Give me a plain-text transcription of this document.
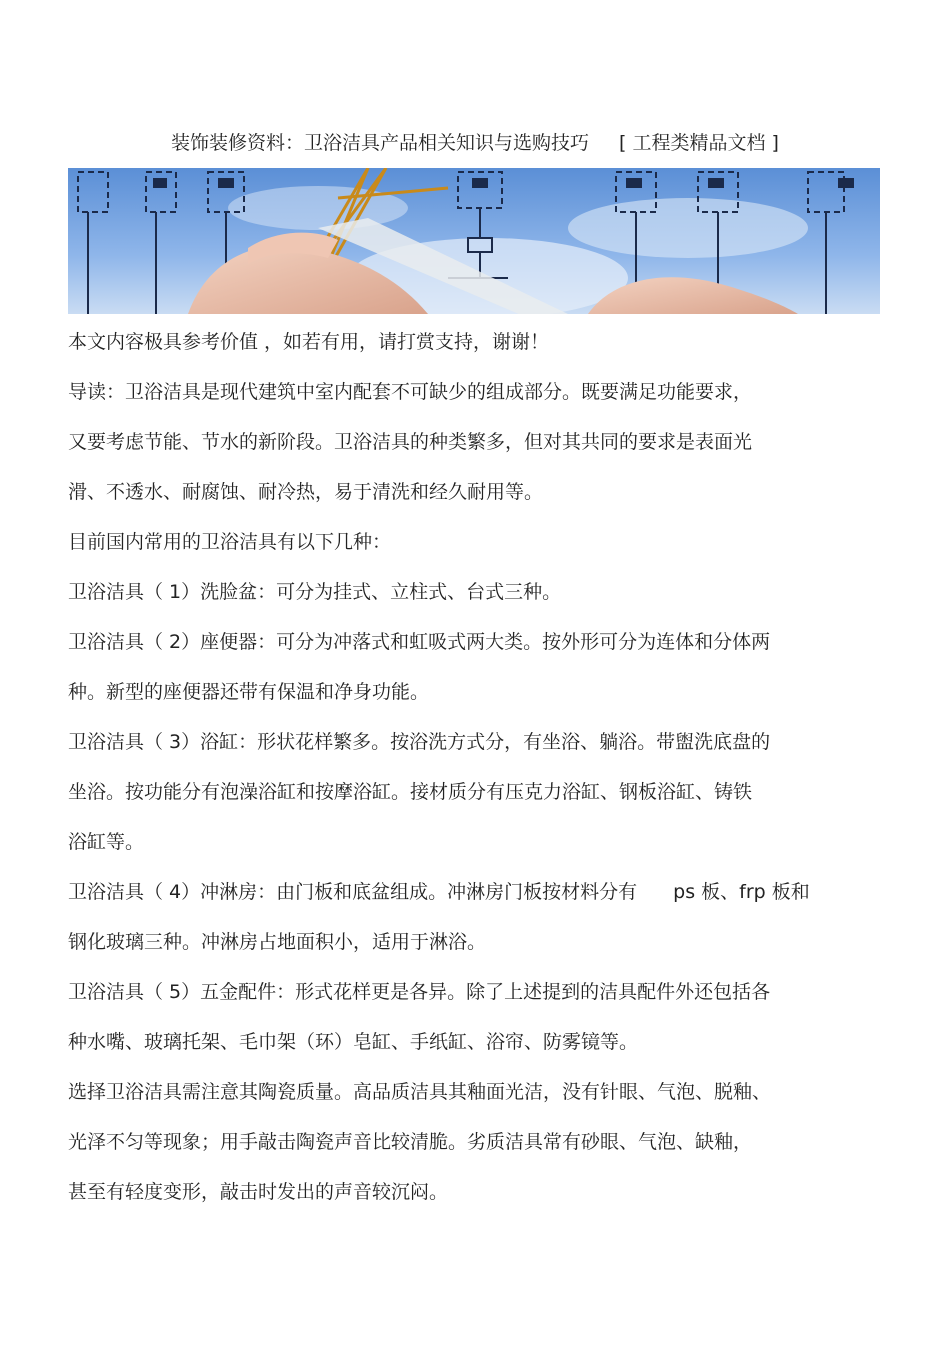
装饰装修资料：卫浴洁具产品相关知识与选购技巧 [ 工程类精品文档 ]
本文内容极具参考价值 ，如若有用，请打赏支持，谢谢！
导读：卫浴洁具是现代建筑中室内配套不可缺少的组成部分。既要满足功能要求，
又要考虑节能、节水的新阶段。卫浴洁具的种类繁多，但对其共同的要求是表面光
滑、不透水、耐腐蚀、耐冷热，易于清洗和经久耐用等。
目前国内常用的卫浴洁具有以下几种：
卫浴洁具（ 1）洗脸盆：可分为挂式、立柱式、台式三种。
卫浴洁具（ 2）座便器：可分为冲落式和虹吸式两大类。按外形可分为连体和分体两
种。新型的座便器还带有保温和净身功能。
卫浴洁具（ 3）浴缸：形状花样繁多。按浴洗方式分，有坐浴、躺浴。带盥洗底盘的
坐浴。按功能分有泡澡浴缸和按摩浴缸。接材质分有压克力浴缸、钢板浴缸、铸铁
浴缸等。
卫浴洁具（ 4）冲淋房：由门板和底盆组成。冲淋房门板按材料分有 ps 板、frp 板和
钢化玻璃三种。冲淋房占地面积小，适用于淋浴。
卫浴洁具（ 5）五金配件：形式花样更是各异。除了上述提到的洁具配件外还包括各
种水嘴、玻璃托架、毛巾架（环）皂缸、手纸缸、浴帘、防雾镜等。
选择卫浴洁具需注意其陶瓷质量。高品质洁具其釉面光洁，没有针眼、气泡、脱釉、
光泽不匀等现象；用手敲击陶瓷声音比较清脆。劣质洁具常有砂眼、气泡、缺釉，
甚至有轻度变形，敲击时发出的声音较沉闷。
